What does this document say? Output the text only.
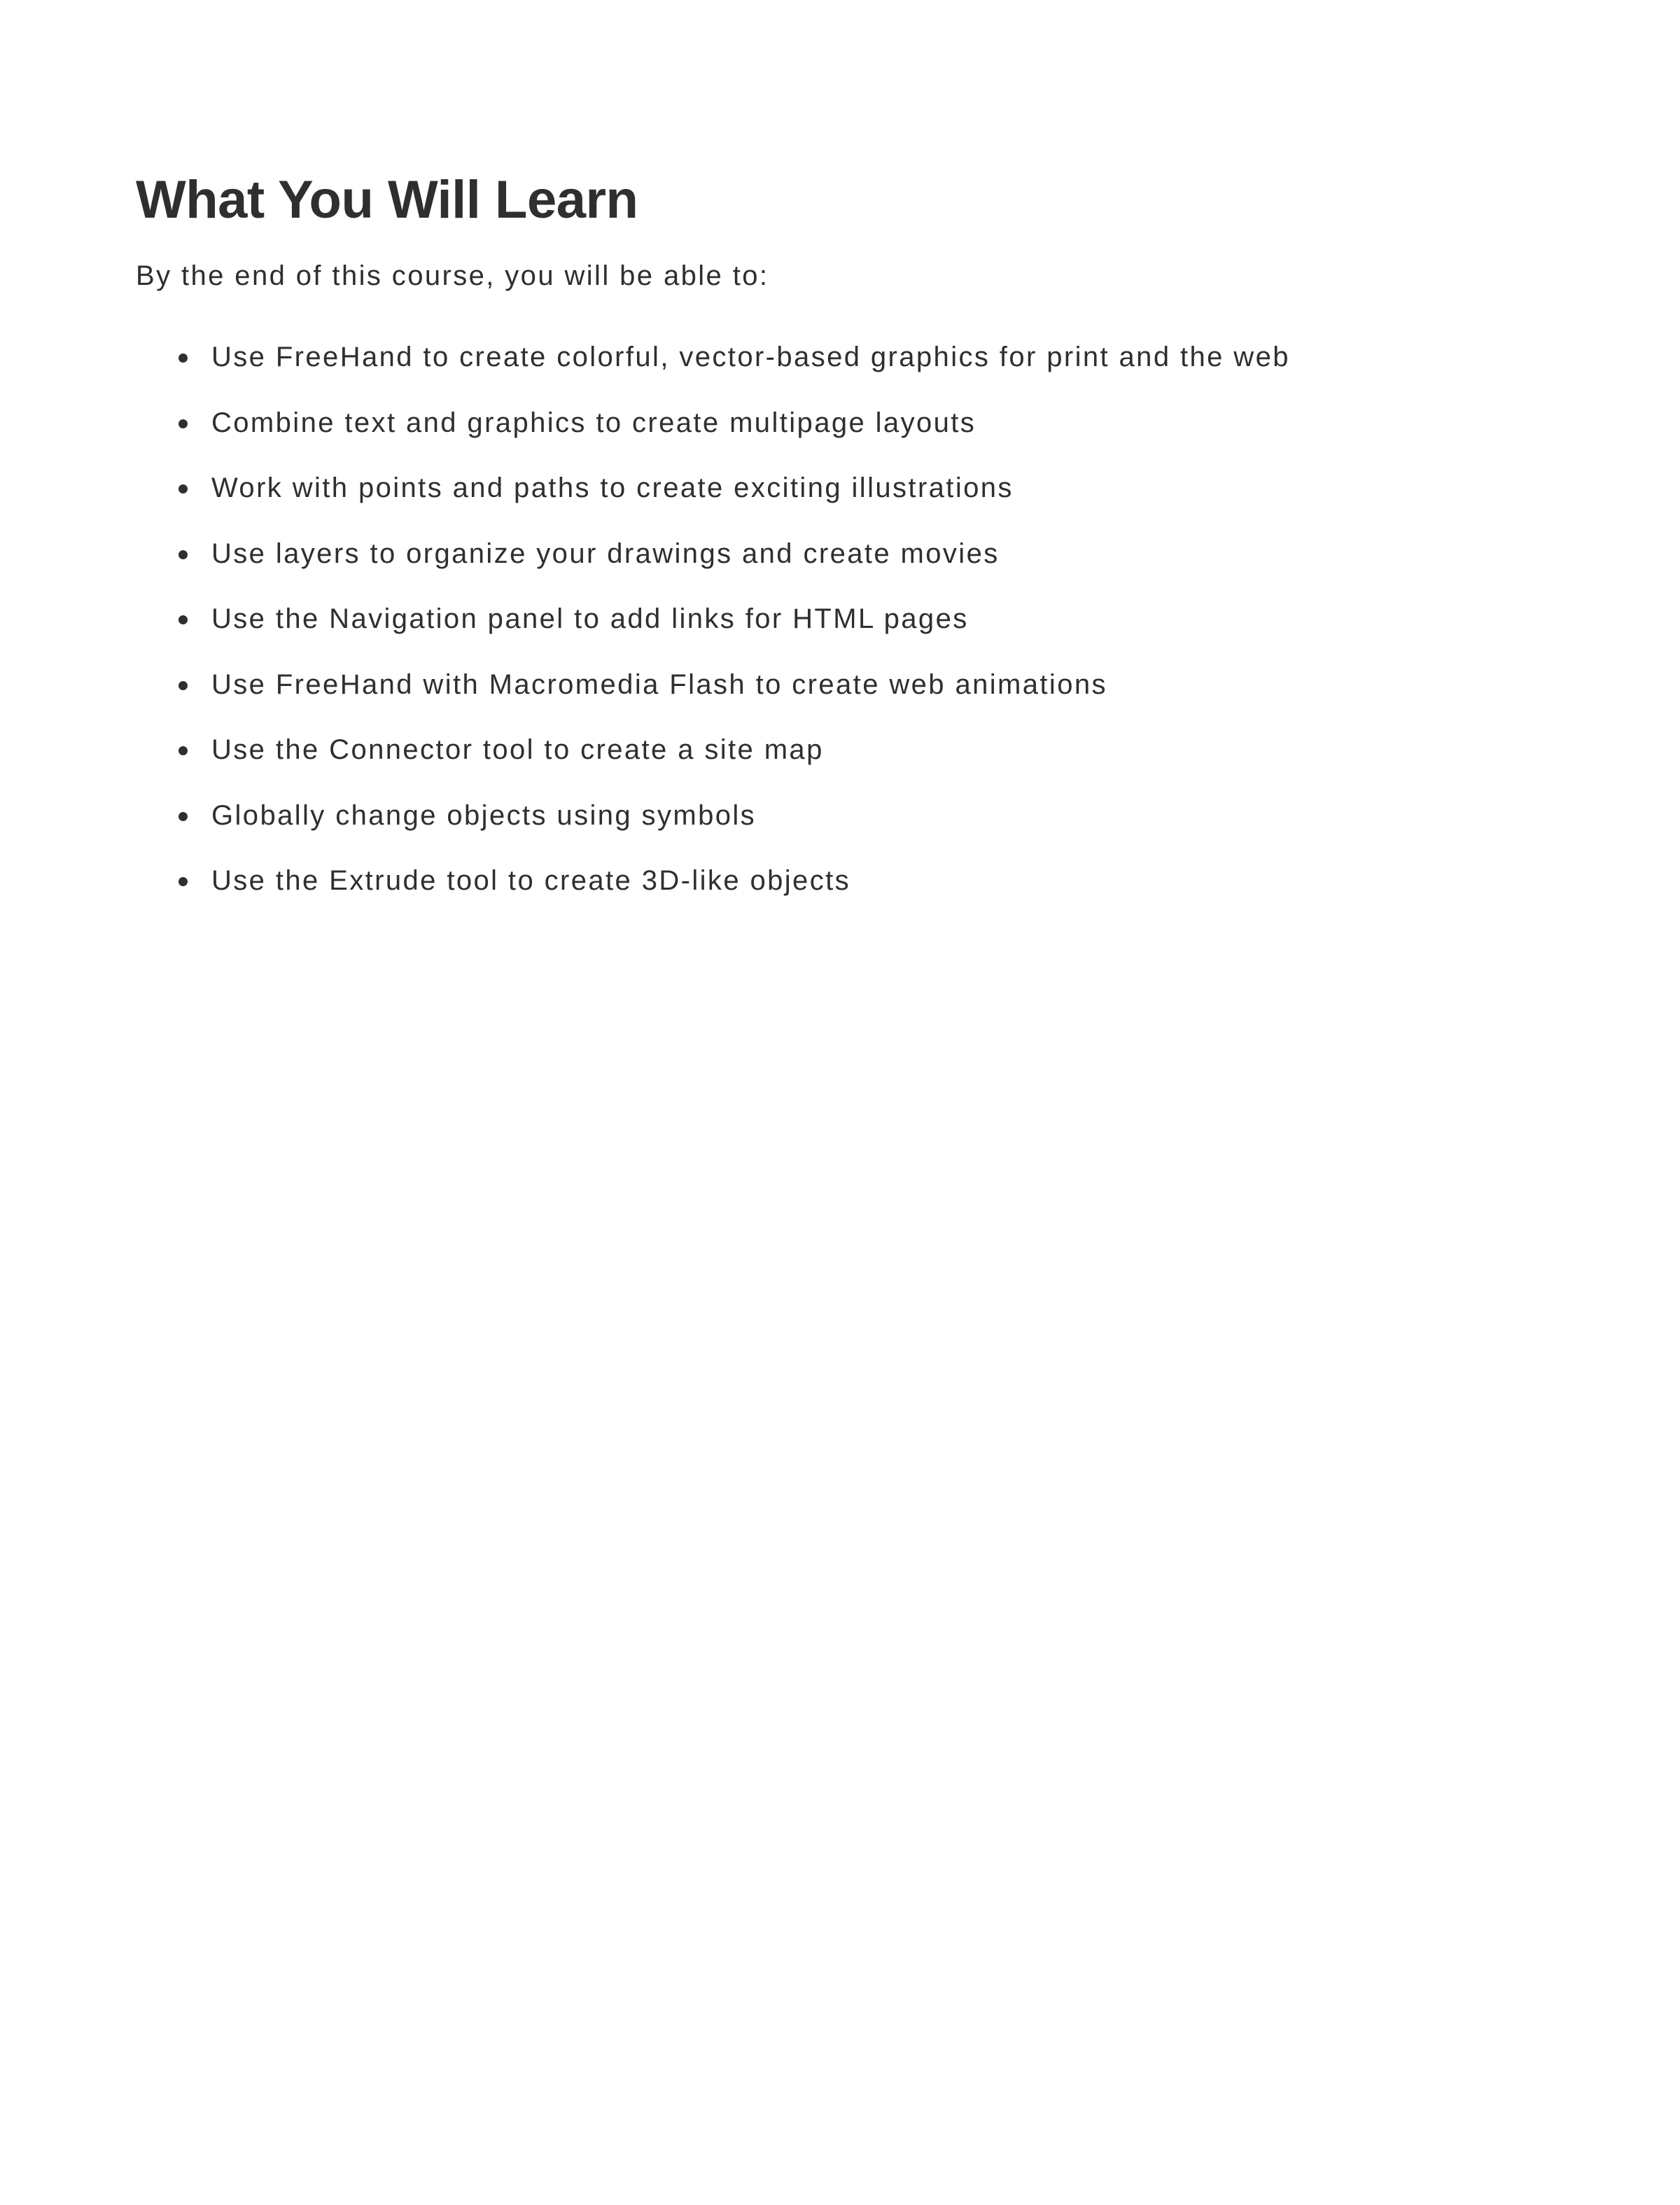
What You Will Learn

By the end of this course, you will be able to:

Use FreeHand to create colorful, vector-based graphics for print and the web
Combine text and graphics to create multipage layouts
Work with points and paths to create exciting illustrations
Use layers to organize your drawings and create movies
Use the Navigation panel to add links for HTML pages
Use FreeHand with Macromedia Flash to create web animations
Use the Connector tool to create a site map
Globally change objects using symbols
Use the Extrude tool to create 3D-like objects
